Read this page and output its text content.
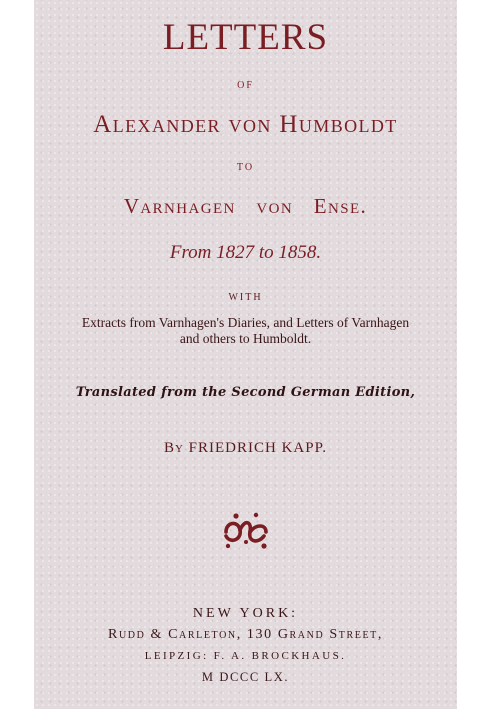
LETTERS
OF
Alexander von Humboldt
TO
Varnhagen von Ense.
From 1827 to 1858.
WITH
Extracts from Varnhagen's Diaries, and Letters of Varnhagen
and others to Humboldt.
Translated from the Second German Edition,
By FRIEDRICH KAPP.
NEW YORK:
Rudd & Carleton, 130 Grand Street,
LEIPZIG: F. A. BROCKHAUS.
M DCCC LX.
